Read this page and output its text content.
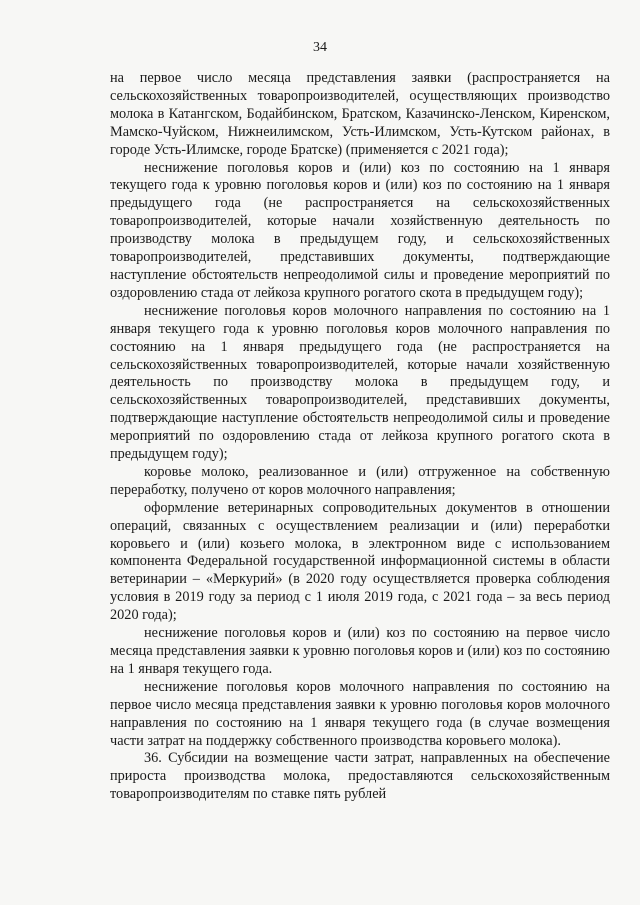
34

на первое число месяца представления заявки (распространяется на сельскохозяйственных товаропроизводителей, осуществляющих производство молока в Катангском, Бодайбинском, Братском, Казачинско-Ленском, Киренском, Мамско-Чуйском, Нижнеилимском, Усть-Илимском, Усть-Кутском районах, в городе Усть-Илимске, городе Братске) (применяется с 2021 года);

неснижение поголовья коров и (или) коз по состоянию на 1 января текущего года к уровню поголовья коров и (или) коз по состоянию на 1 января предыдущего года (не распространяется на сельскохозяйственных товаропроизводителей, которые начали хозяйственную деятельность по производству молока в предыдущем году, и сельскохозяйственных товаропроизводителей, представивших документы, подтверждающие наступление обстоятельств непреодолимой силы и проведение мероприятий по оздоровлению стада от лейкоза крупного рогатого скота в предыдущем году);

неснижение поголовья коров молочного направления по состоянию на 1 января текущего года к уровню поголовья коров молочного направления по состоянию на 1 января предыдущего года (не распространяется на сельскохозяйственных товаропроизводителей, которые начали хозяйственную деятельность по производству молока в предыдущем году, и сельскохозяйственных товаропроизводителей, представивших документы, подтверждающие наступление обстоятельств непреодолимой силы и проведение мероприятий по оздоровлению стада от лейкоза крупного рогатого скота в предыдущем году);

коровье молоко, реализованное и (или) отгруженное на собственную переработку, получено от коров молочного направления;

оформление ветеринарных сопроводительных документов в отношении операций, связанных с осуществлением реализации и (или) переработки коровьего и (или) козьего молока, в электронном виде с использованием компонента Федеральной государственной информационной системы в области ветеринарии – «Меркурий» (в 2020 году осуществляется проверка соблюдения условия в 2019 году за период с 1 июля 2019 года, с 2021 года – за весь период 2020 года);

неснижение поголовья коров и (или) коз по состоянию на первое число месяца представления заявки к уровню поголовья коров и (или) коз по состоянию на 1 января текущего года.

неснижение поголовья коров молочного направления по состоянию на первое число месяца представления заявки к уровню поголовья коров молочного направления по состоянию на 1 января текущего года (в случае возмещения части затрат на поддержку собственного производства коровьего молока).

36. Субсидии на возмещение части затрат, направленных на обеспечение прироста производства молока, предоставляются сельскохозяйственным товаропроизводителям по ставке пять рублей
